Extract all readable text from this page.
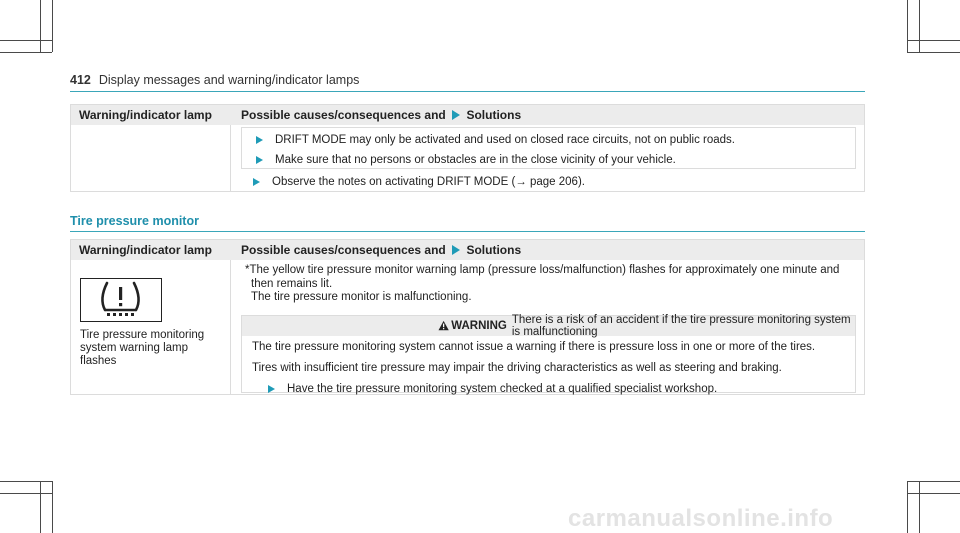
412 Display messages and warning/indicator lamps
Warning/indicator lamp	Possible causes/consequences and Solutions
DRIFT MODE may only be activated and used on closed race circuits, not on public roads.
Make sure that no persons or obstacles are in the close vicinity of your vehicle.
Observe the notes on activating DRIFT MODE (→ page 206).
Tire pressure monitor
Warning/indicator lamp	Possible causes/consequences and Solutions
Tire pressure monitoring
system warning lamp
flashes
*The yellow tire pressure monitor warning lamp (pressure loss/malfunction) flashes for approximately one minute and
then remains lit.
The tire pressure monitor is malfunctioning.
WARNING There is a risk of an accident if the tire pressure monitoring system is malfunctioning

The tire pressure monitoring system cannot issue a warning if there is pressure loss in one or more of the tires.

Tires with insufficient tire pressure may impair the driving characteristics as well as steering and braking.

Have the tire pressure monitoring system checked at a qualified specialist workshop.
carmanualsonline.info
